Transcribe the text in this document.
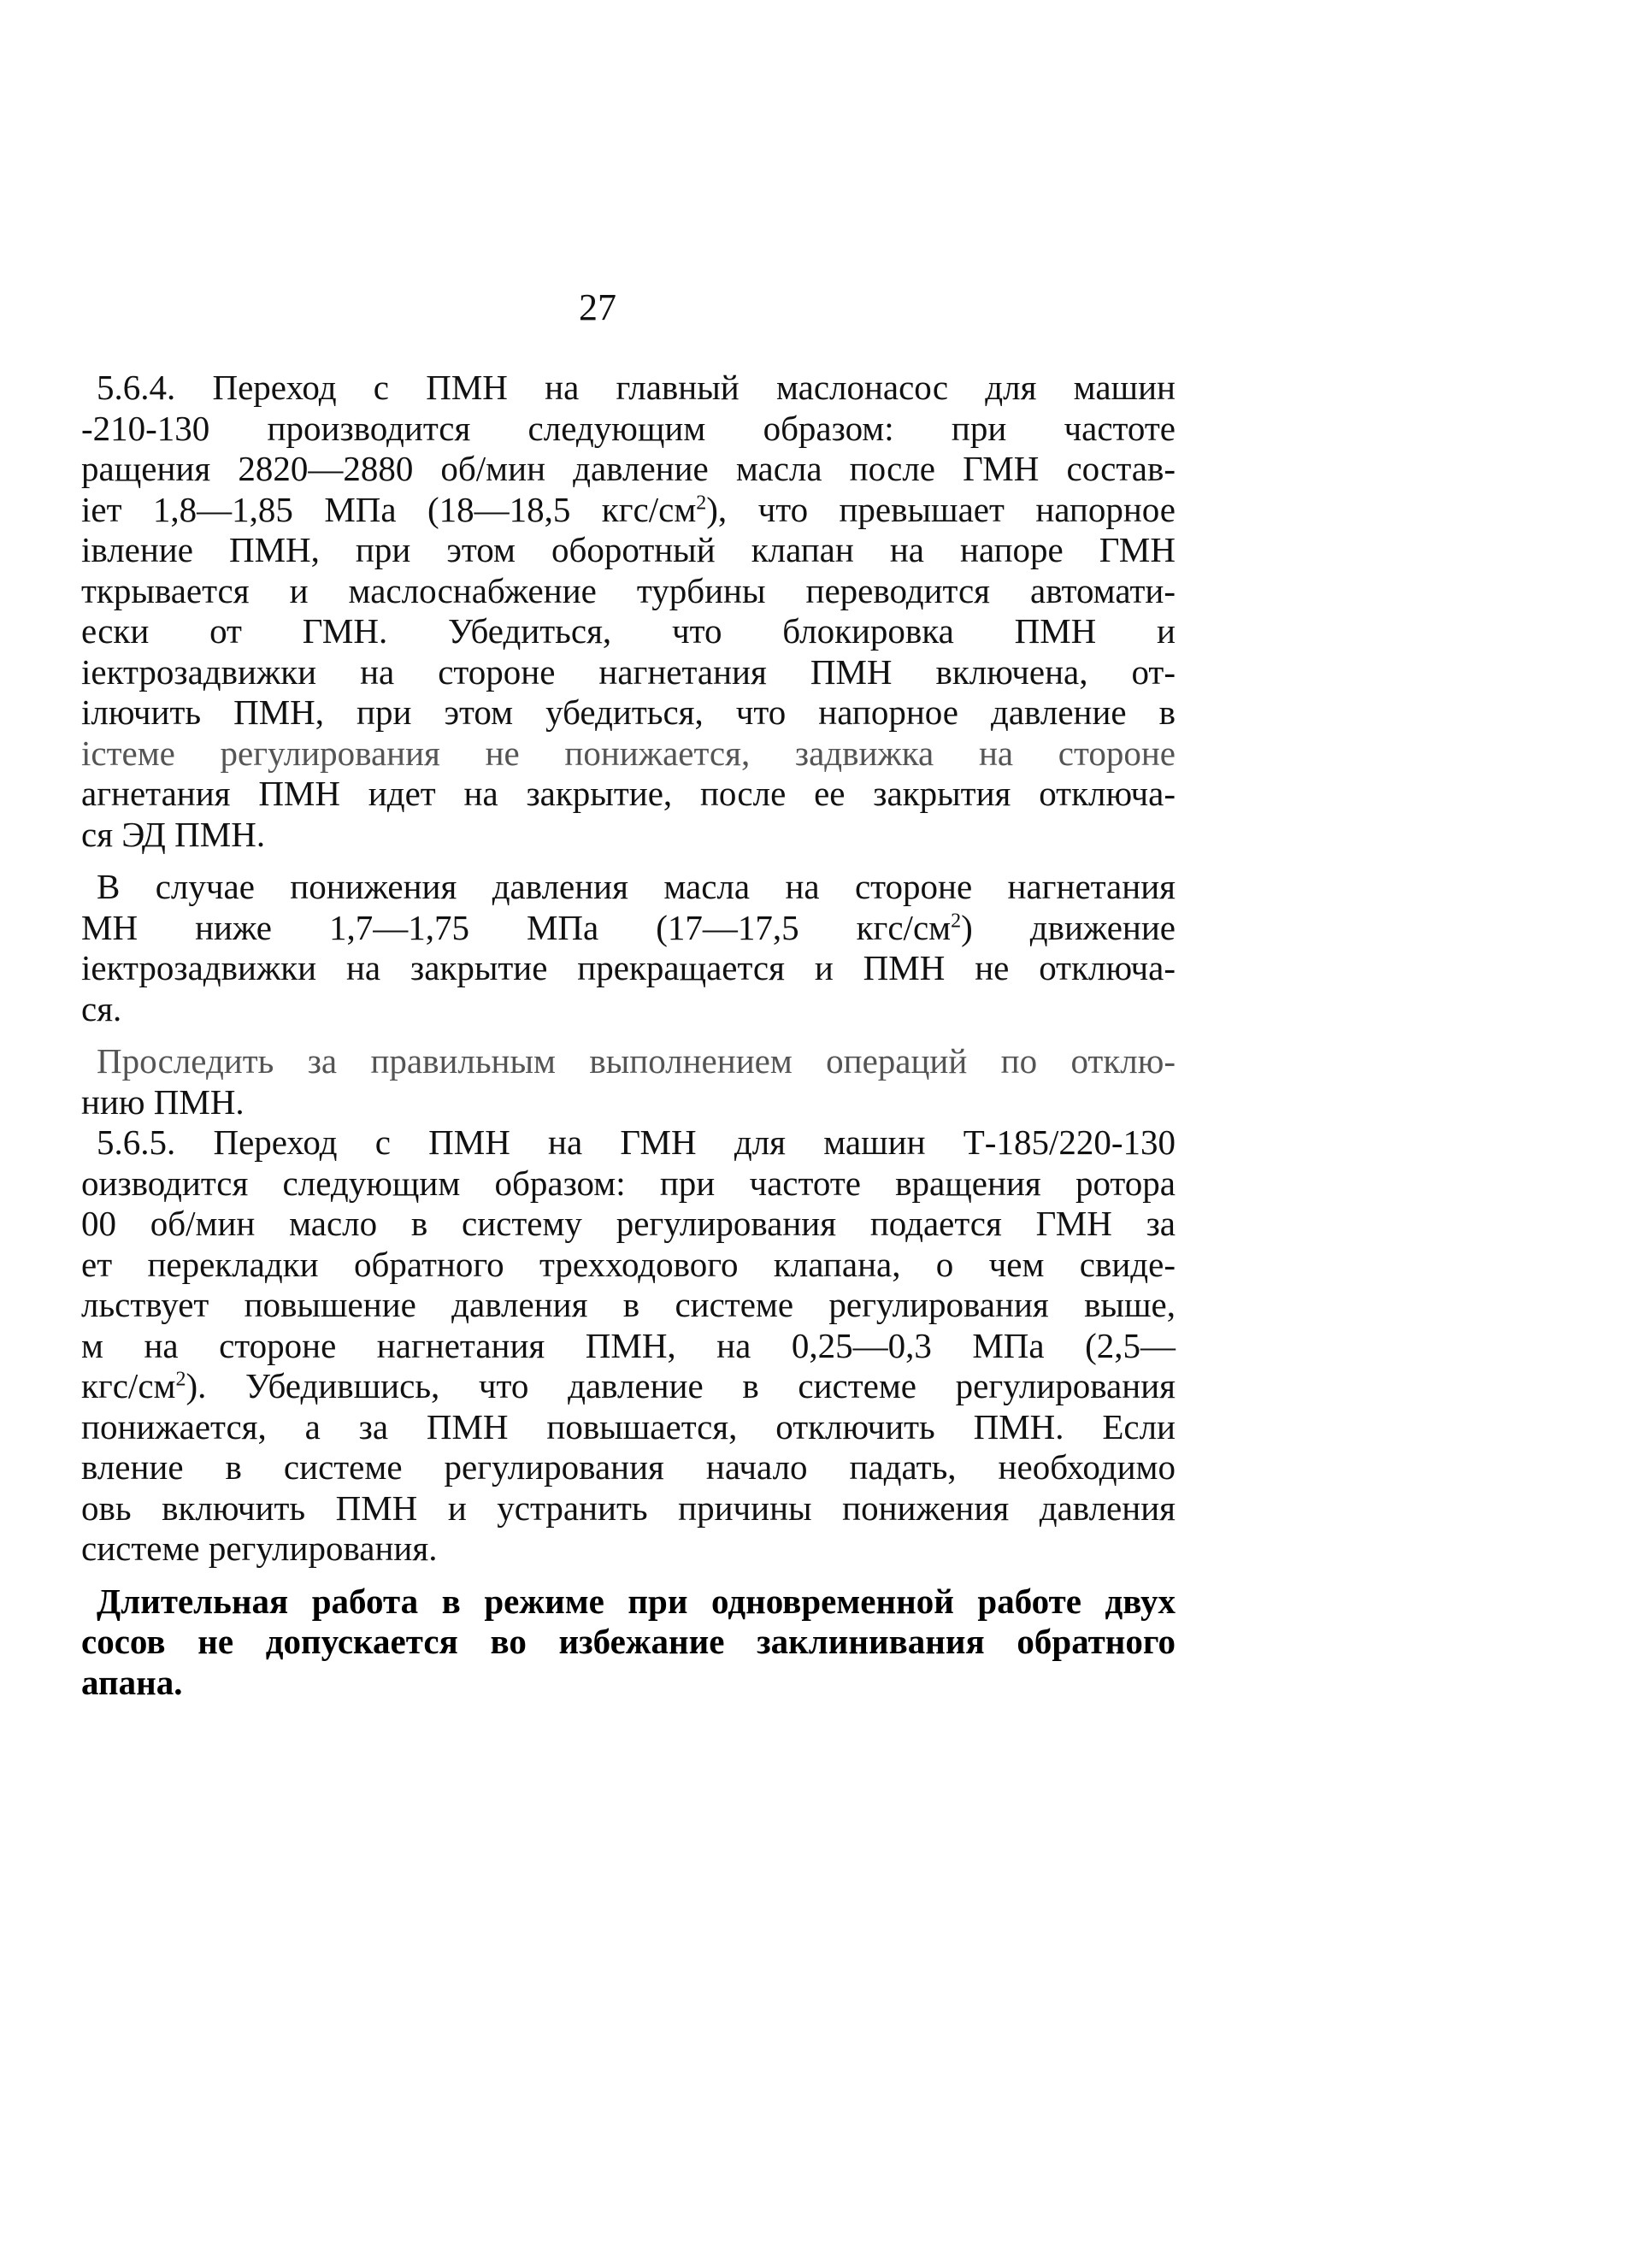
27
5.6.4. Переход с ПМН на главный маслонасос для машин
-210-130 производится следующим образом: при частоте
ращения 2820—2880 об/мин давление масла после ГМН состав-
іет 1,8—1,85 МПа (18—18,5 кгс/$см^2$), что превышает напорное
івление ПМН, при этом оборотный клапан на напоре ГМН
ткрывается и маслоснабжение турбины переводится автомати-
ески от ГМН. Убедиться, что блокировка ПМН и
іектрозадвижки на стороне нагнетания ПМН включена, от-
ілючить ПМН, при этом убедиться, что напорное давление в
істеме регулирования не понижается, задвижка на стороне
агнетания ПМН идет на закрытие, после ее закрытия отключа-
ся ЭД ПМН.
В случае понижения давления масла на стороне нагнетания
МН ниже 1,7—1,75 МПа (17—17,5 кгс/$см^2$) движение
іектрозадвижки на закрытие прекращается и ПМН не отключа-
ся.
Проследить за правильным выполнением операций по отклю-
нию ПМН.
5.6.5. Переход с ПМН на ГМН для машин Т-185/220-130
оизводится следующим образом: при частоте вращения ротора
00 об/мин масло в систему регулирования подается ГМН за
ет перекладки обратного трехходового клапана, о чем свиде-
льствует повышение давления в системе регулирования выше,
м на стороне нагнетания ПМН, на 0,25—0,3 МПа (2,5—
кгс/$см^2$). Убедившись, что давление в системе регулирования
понижается, а за ПМН повышается, отключить ПМН. Если
вление в системе регулирования начало падать, необходимо
овь включить ПМН и устранить причины понижения давления
системе регулирования.
Длительная работа в режиме при одновременной работе двух
сосов не допускается во избежание заклинивания обратного
апана.
